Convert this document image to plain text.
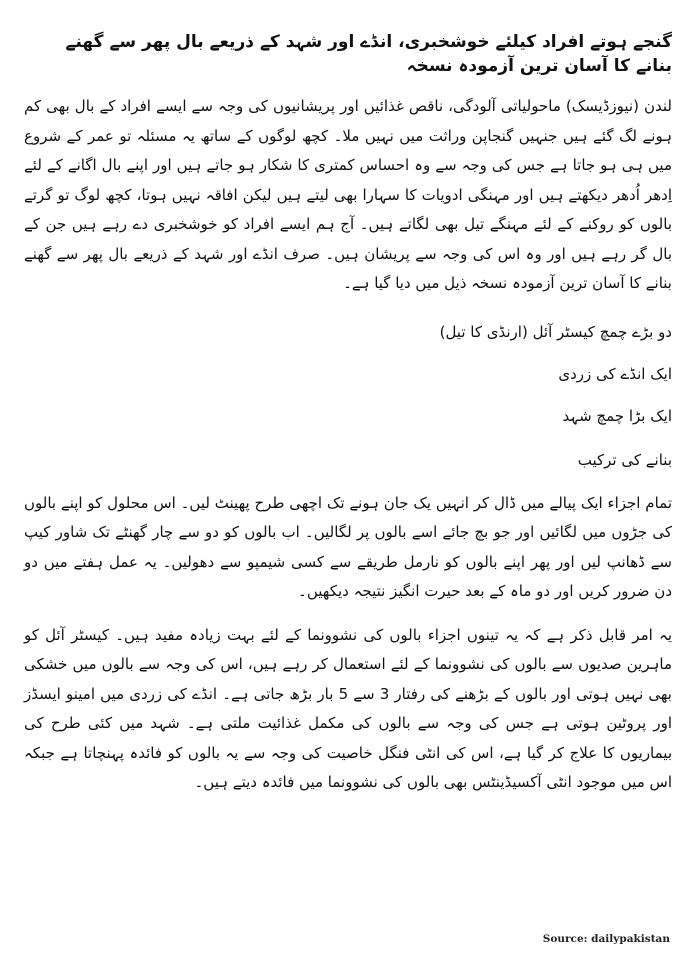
گنجے ہوتے افراد کیلئے خوشخبری، انڈے اور شہد کے ذریعے بال پھر سے گھنے بنانے کا آسان ترین آزمودہ نسخہ

لندن (نیوزڈیسک) ماحولیاتی آلودگی، ناقص غذائیں اور پریشانیوں کی وجہ سے ایسے افراد کے بال بھی کم ہونے لگ گئے ہیں جنہیں گنجاپن وراثت میں نہیں ملا۔ کچھ لوگوں کے ساتھ یہ مسئلہ تو عمر کے شروع میں ہی ہو جاتا ہے جس کی وجہ سے وہ احساس کمتری کا شکار ہو جاتے ہیں اور اپنے بال اگانے کے لئے اِدھر اُدھر دیکھتے ہیں اور مہنگی ادویات کا سہارا بھی لیتے ہیں لیکن افاقہ نہیں ہوتا، کچھ لوگ تو گرتے بالوں کو روکنے کے لئے مہنگے تیل بھی لگاتے ہیں۔ آج ہم ایسے افراد کو خوشخبری دے رہے ہیں جن کے بال گر رہے ہیں اور وہ اس کی وجہ سے پریشان ہیں۔ صرف انڈے اور شہد کے ذریعے بال پھر سے گھنے بنانے کا آسان ترین آزمودہ نسخہ ذیل میں دیا گیا ہے۔

دو بڑے چمچ کیسٹر آئل (ارنڈی کا تیل)
ایک انڈے کی زردی
ایک بڑا چمچ شہد
بنانے کی ترکیب

تمام اجزاء ایک پیالے میں ڈال کر انہیں یک جان ہونے تک اچھی طرح پھینٹ لیں۔ اس محلول کو اپنے بالوں کی جڑوں میں لگائیں اور جو بچ جائے اسے بالوں پر لگالیں۔ اب بالوں کو دو سے چار گھنٹے تک شاور کیپ سے ڈھانپ لیں اور پھر اپنے بالوں کو نارمل طریقے سے کسی شیمپو سے دھولیں۔ یہ عمل ہفتے میں دو دن ضرور کریں اور دو ماہ کے بعد حیرت انگیز نتیجہ دیکھیں۔

یہ امر قابل ذکر ہے کہ یہ تینوں اجزاء بالوں کی نشوونما کے لئے بہت زیادہ مفید ہیں۔ کیسٹر آئل کو ماہرین صدیوں سے بالوں کی نشوونما کے لئے استعمال کر رہے ہیں، اس کی وجہ سے بالوں میں خشکی بھی نہیں ہوتی اور بالوں کے بڑھنے کی رفتار 3 سے 5 بار بڑھ جاتی ہے۔ انڈے کی زردی میں امینو ایسڈز اور پروٹین ہوتی ہے جس کی وجہ سے بالوں کی مکمل غذائیت ملتی ہے۔ شہد میں کئی طرح کی بیماریوں کا علاج کر گیا ہے، اس کی انٹی فنگل خاصیت کی وجہ سے یہ بالوں کو فائدہ پہنچاتا ہے جبکہ اس میں موجود انٹی آکسیڈینٹس بھی بالوں کی نشوونما میں فائدہ دیتے ہیں۔

Source: dailypakistan
